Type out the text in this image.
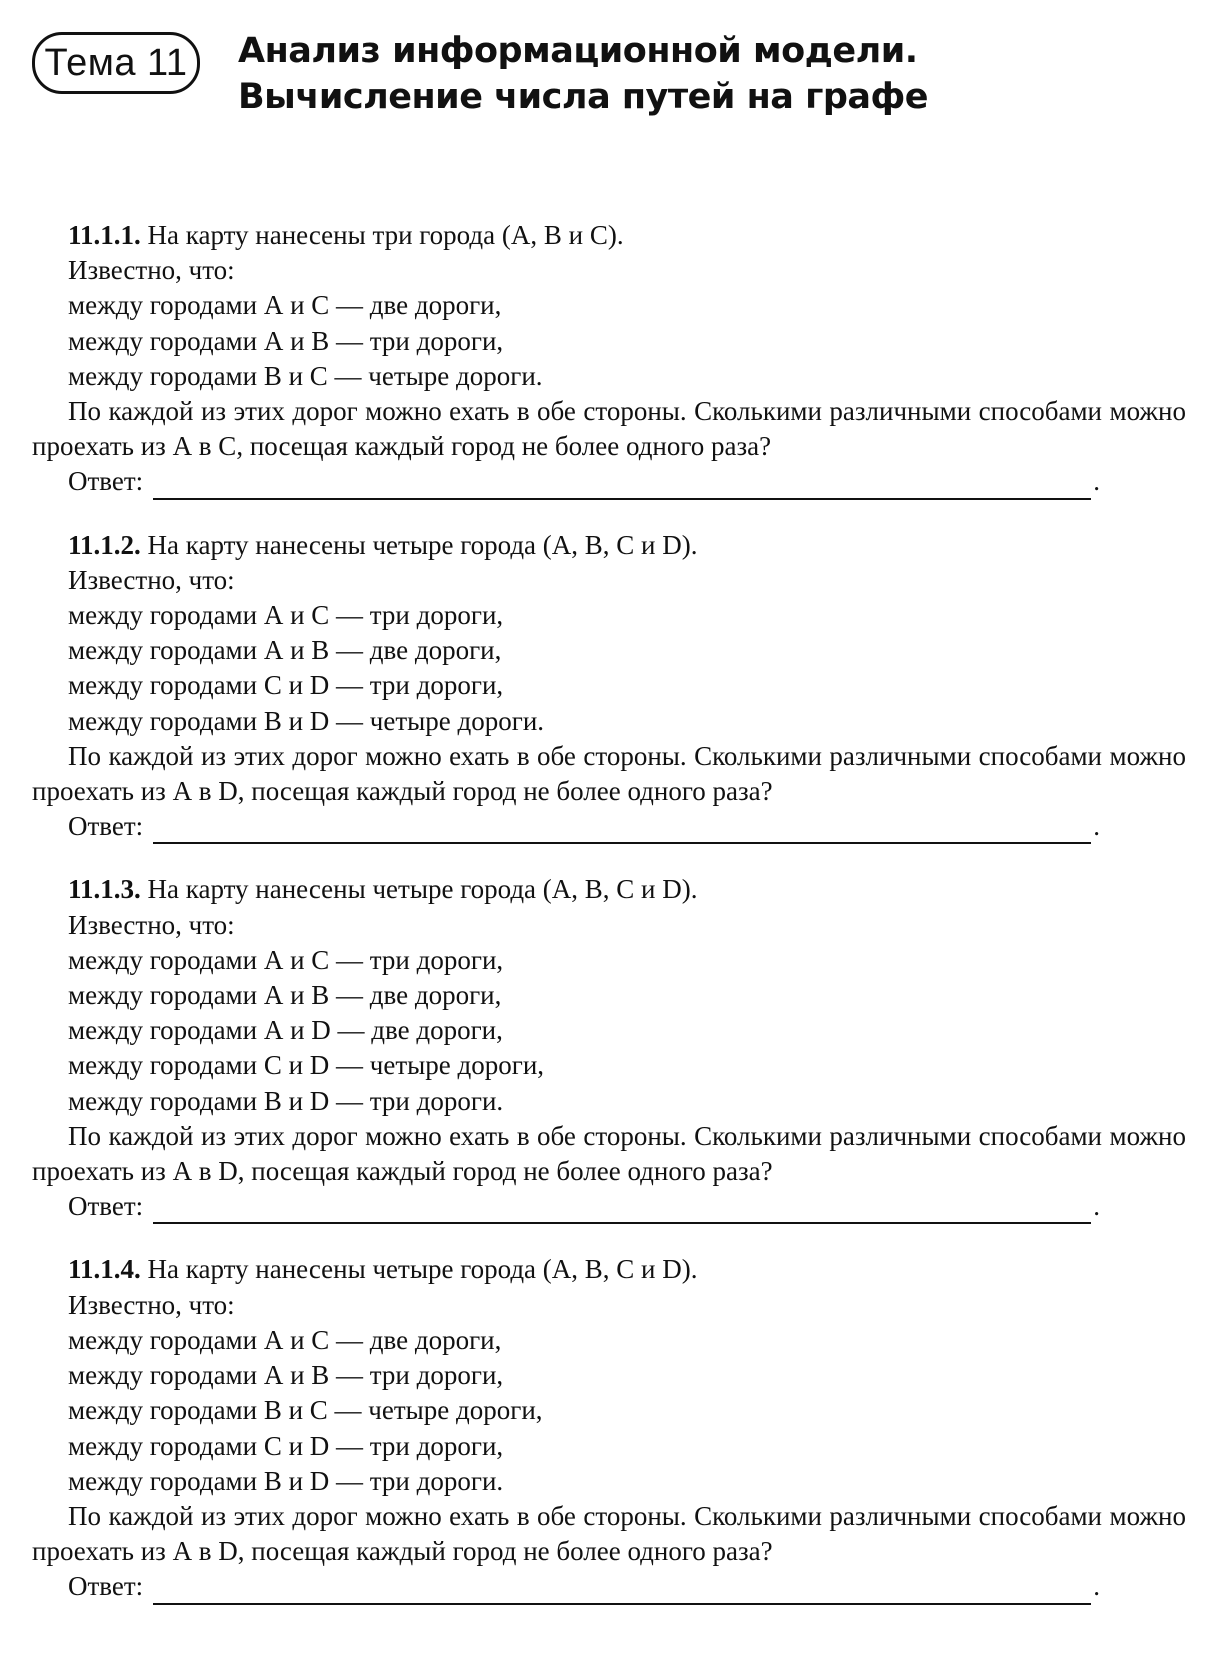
Тема 11	Анализ информационной модели.
Вычисление числа путей на графе
11.1.1. На карту нанесены три города (А, В и С).
Известно, что:
между городами А и С — две дороги,
между городами А и В — три дороги,
между городами В и С — четыре дороги.
По каждой из этих дорог можно ехать в обе стороны. Сколькими различными способами можно проехать из А в С, посещая каждый город не более одного раза?
Ответ:	.
11.1.2. На карту нанесены четыре города (А, В, С и D).
Известно, что:
между городами А и С — три дороги,
между городами А и В — две дороги,
между городами С и D — три дороги,
между городами В и D — четыре дороги.
По каждой из этих дорог можно ехать в обе стороны. Сколькими различными способами можно проехать из А в D, посещая каждый город не более одного раза?
Ответ:	.
11.1.3. На карту нанесены четыре города (А, В, С и D).
Известно, что:
между городами А и С — три дороги,
между городами А и В — две дороги,
между городами А и D — две дороги,
между городами С и D — четыре дороги,
между городами В и D — три дороги.
По каждой из этих дорог можно ехать в обе стороны. Сколькими различными способами можно проехать из А в D, посещая каждый город не более одного раза?
Ответ:	.
11.1.4. На карту нанесены четыре города (А, В, С и D).
Известно, что:
между городами А и С — две дороги,
между городами А и В — три дороги,
между городами В и С — четыре дороги,
между городами С и D — три дороги,
между городами В и D — три дороги.
По каждой из этих дорог можно ехать в обе стороны. Сколькими различными способами можно проехать из А в D, посещая каждый город не более одного раза?
Ответ:	.
